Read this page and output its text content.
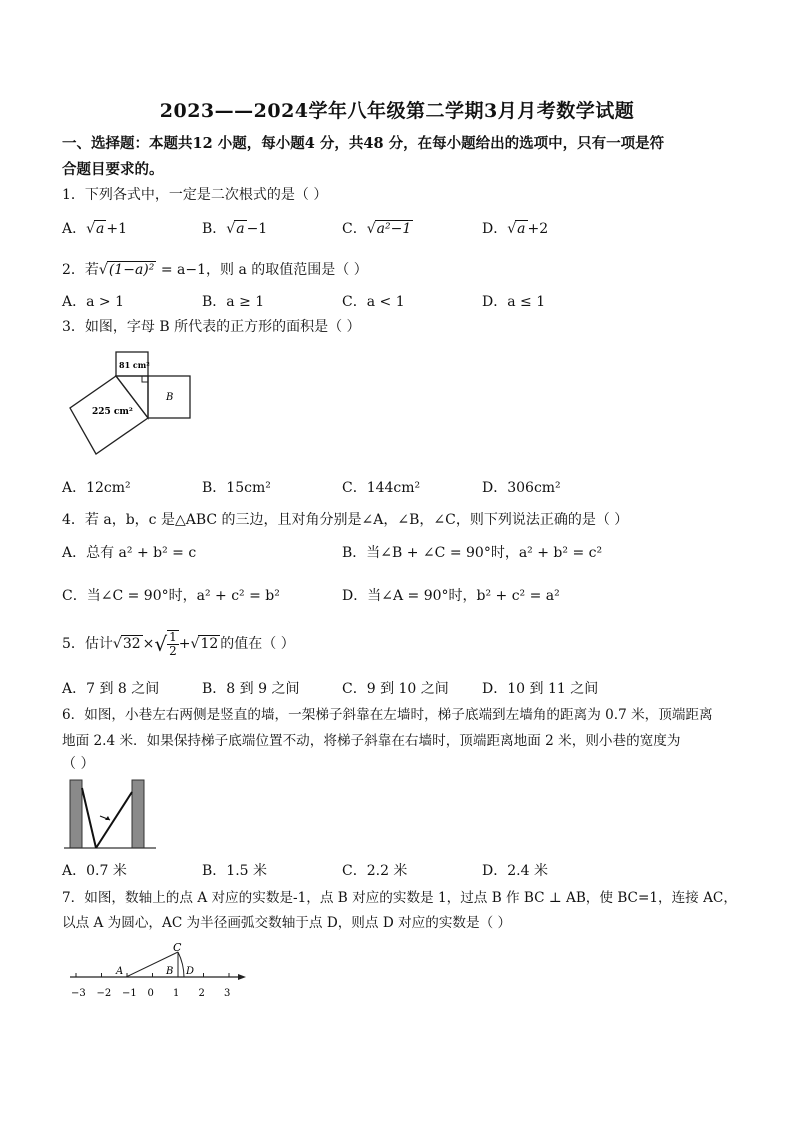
2023——2024学年八年级第二学期3月月考数学试题
一、选择题：本题共12 小题，每小题4 分，共48 分，在每小题给出的选项中，只有一项是符
合题目要求的。
1．下列各式中，一定是二次根式的是（ ）
A．√a +1	B．√a −1	C．√a²−1	D．√a +2
2．若√(1−a)² = a−1，则 a 的取值范围是（ ）
A．a > 1	B．a ≥ 1	C．a < 1	D．a ≤ 1
3．如图，字母 B 所代表的正方形的面积是（ ）
81 cm²
225 cm²
B
A．12cm²	B．15cm²	C．144cm²	D．306cm²
4．若 a，b，c 是△ABC 的三边，且对角分别是∠A，∠B，∠C，则下列说法正确的是（ ）
A．总有 a² + b² = c	B．当∠B + ∠C = 90°时，a² + b² = c²
C．当∠C = 90°时，a² + c² = b²	D．当∠A = 90°时，b² + c² = a²
5．估计√32 ×√ $\frac{1}{2} +√12$ 的值在（ ）
A．7 到 8 之间	B．8 到 9 之间	C．9 到 10 之间 D．10 到 11 之间
6．如图，小巷左右两侧是竖直的墙，一架梯子斜靠在左墙时，梯子底端到左墙角的距离为 0.7 米，顶端距离
地面 2.4 米．如果保持梯子底端位置不动，将梯子斜靠在右墙时，顶端距离地面 2 米，则小巷的宽度为
（ ）
A．0.7 米	B．1.5 米	C．2.2 米	D．2.4 米
7．如图，数轴上的点 A 对应的实数是-1，点 B 对应的实数是 1，过点 B 作 BC ⊥ AB，使 BC=1，连接 AC，
以点 A 为圆心，AC 为半径画弧交数轴于点 D，则点 D 对应的实数是（ ）
−3 −2 −1 0 1 2 3
A	B
C
D
